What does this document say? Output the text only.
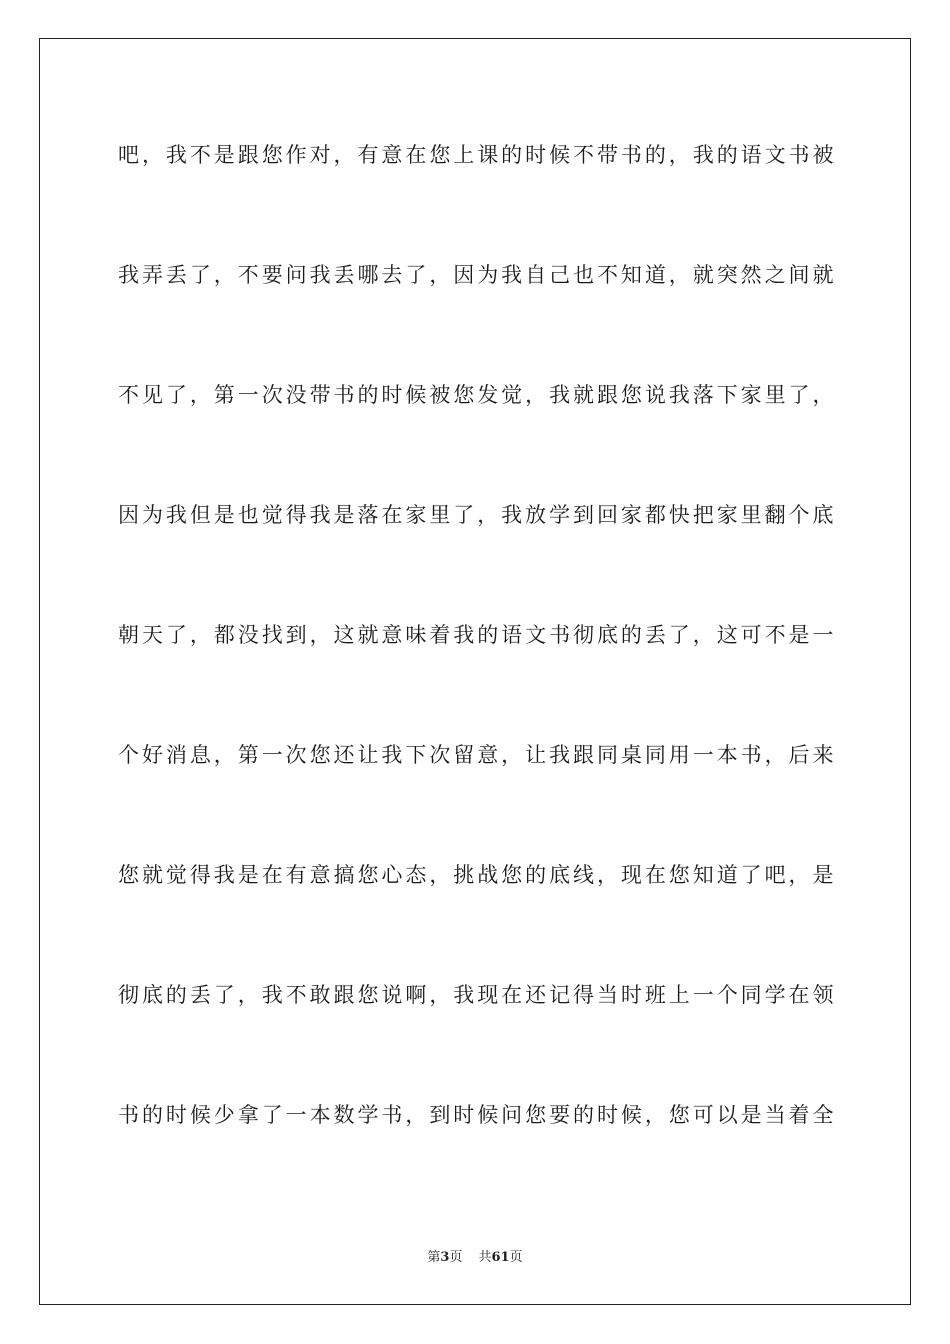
吧，我不是跟您作对，有意在您上课的时候不带书的，我的语文书被
我弄丢了，不要问我丢哪去了，因为我自己也不知道，就突然之间就
不见了，第一次没带书的时候被您发觉，我就跟您说我落下家里了，
因为我但是也觉得我是落在家里了，我放学到回家都快把家里翻个底
朝天了，都没找到，这就意味着我的语文书彻底的丢了，这可不是一
个好消息，第一次您还让我下次留意，让我跟同桌同用一本书，后来
您就觉得我是在有意搞您心态，挑战您的底线，现在您知道了吧，是
彻底的丢了，我不敢跟您说啊，我现在还记得当时班上一个同学在领
书的时候少拿了一本数学书，到时候问您要的时候，您可以是当着全
第3页 共61页
